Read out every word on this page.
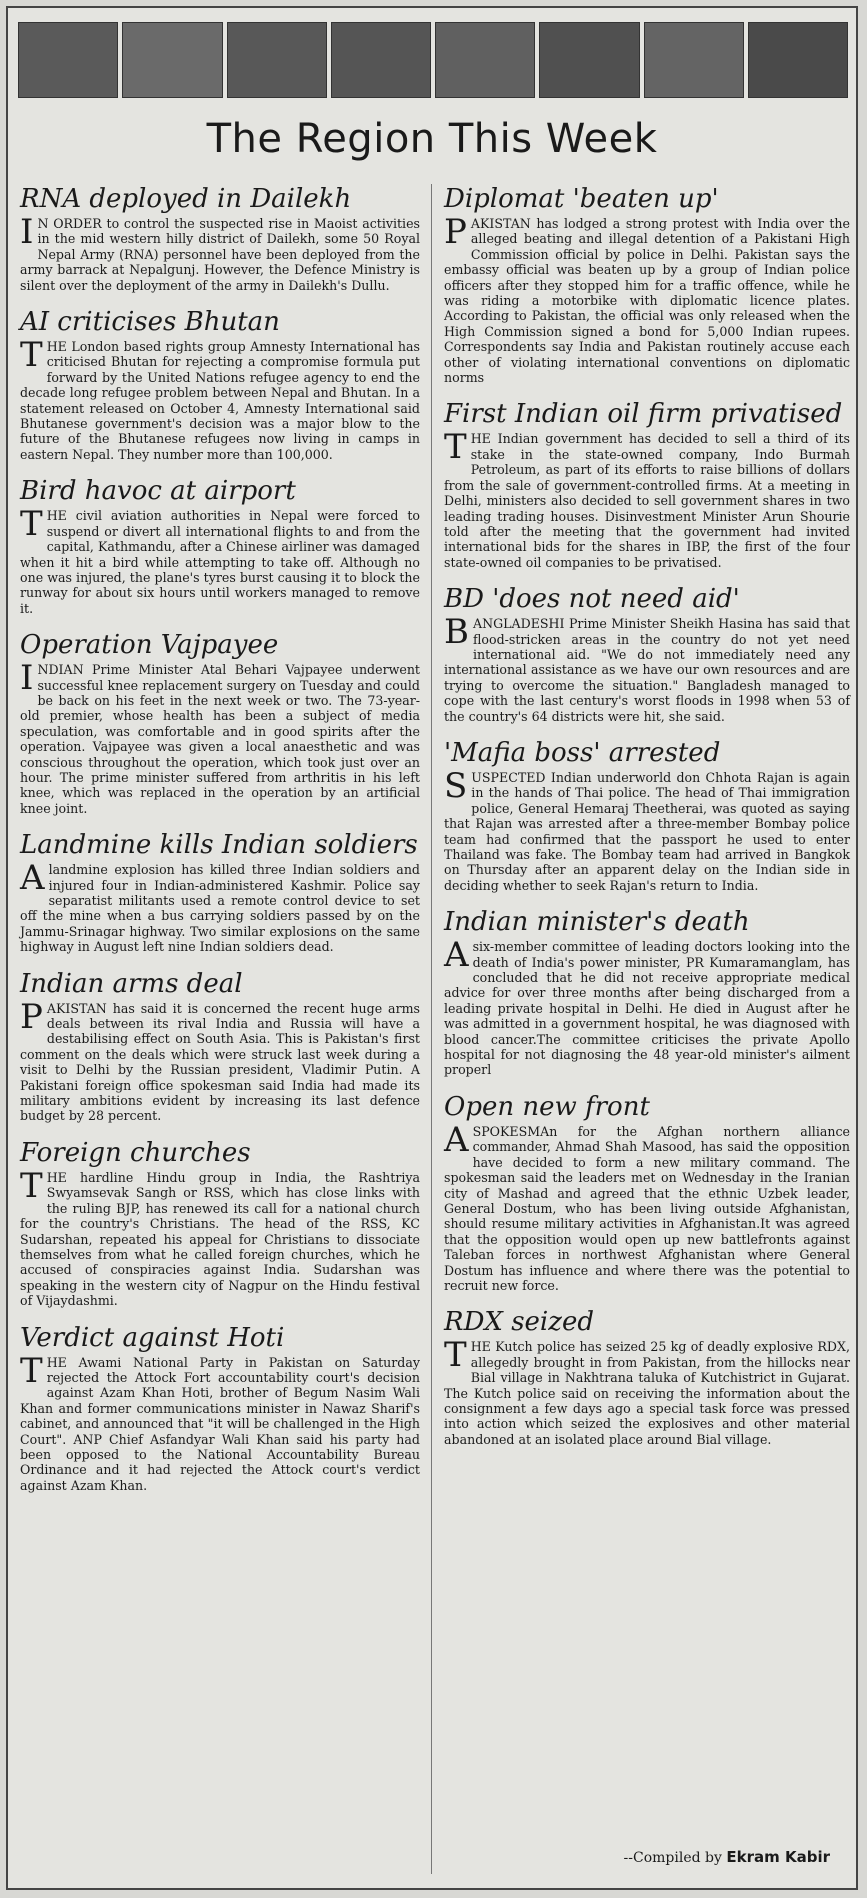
The Region This Week
RNA deployed in Dailekh

I N ORDER to control the suspected rise in Maoist activities in the mid western hilly district of Dailekh, some 50 Royal Nepal Army (RNA) personnel have been deployed from the army barrack at Nepalgunj. However, the Defence Ministry is silent over the deployment of the army in Dailekh's Dullu.

AI criticises Bhutan

THE London based rights group Amnesty International has criticised Bhutan for rejecting a compromise formula put forward by the United Nations refugee agency to end the decade long refugee problem between Nepal and Bhutan. In a statement released on October 4, Amnesty International said Bhutanese government's decision was a major blow to the future of the Bhutanese refugees now living in camps in eastern Nepal. They number more than 100,000.

Bird havoc at airport

THE civil aviation authorities in Nepal were forced to suspend or divert all international flights to and from the capital, Kathmandu, after a Chinese airliner was damaged when it hit a bird while attempting to take off. Although no one was injured, the plane's tyres burst causing it to block the runway for about six hours until workers managed to remove it.

Operation Vajpayee

INDIAN Prime Minister Atal Behari Vajpayee underwent successful knee replacement surgery on Tuesday and could be back on his feet in the next week or two. The 73-year-old premier, whose health has been a subject of media speculation, was comfortable and in good spirits after the operation. Vajpayee was given a local anaesthetic and was conscious throughout the operation, which took just over an hour. The prime minister suffered from arthritis in his left knee, which was replaced in the operation by an artificial knee joint.

Landmine kills Indian soldiers

A landmine explosion has killed three Indian soldiers and injured four in Indian-administered Kashmir. Police say separatist militants used a remote control device to set off the mine when a bus carrying soldiers passed by on the Jammu-Srinagar highway. Two similar explosions on the same highway in August left nine Indian soldiers dead.

Indian arms deal

PAKISTAN has said it is concerned the recent huge arms deals between its rival India and Russia will have a destabilising effect on South Asia. This is Pakistan's first comment on the deals which were struck last week during a visit to Delhi by the Russian president, Vladimir Putin. A Pakistani foreign office spokesman said India had made its military ambitions evident by increasing its last defence budget by 28 percent.

Foreign churches

THE hardline Hindu group in India, the Rashtriya Swyamsevak Sangh or RSS, which has close links with the ruling BJP, has renewed its call for a national church for the country's Christians. The head of the RSS, KC Sudarshan, repeated his appeal for Christians to dissociate themselves from what he called foreign churches, which he accused of conspiracies against India. Sudarshan was speaking in the western city of Nagpur on the Hindu festival of Vijaydashmi.

Verdict against Hoti

THE Awami National Party in Pakistan on Saturday rejected the Attock Fort accountability court's decision against Azam Khan Hoti, brother of Begum Nasim Wali Khan and former communications minister in Nawaz Sharif's cabinet, and announced that "it will be challenged in the High Court". ANP Chief Asfandyar Wali Khan said his party had been opposed to the National Accountability Bureau Ordinance and it had rejected the Attock court's verdict against Azam Khan.

Diplomat 'beaten up'

PAKISTAN has lodged a strong protest with India over the alleged beating and illegal detention of a Pakistani High Commission official by police in Delhi. Pakistan says the embassy official was beaten up by a group of Indian police officers after they stopped him for a traffic offence, while he was riding a motorbike with diplomatic licence plates. According to Pakistan, the official was only released when the High Commission signed a bond for 5,000 Indian rupees. Correspondents say India and Pakistan routinely accuse each other of violating international conventions on diplomatic norms

First Indian oil firm privatised

THE Indian government has decided to sell a third of its stake in the state-owned company, Indo Burmah Petroleum, as part of its efforts to raise billions of dollars from the sale of government-controlled firms. At a meeting in Delhi, ministers also decided to sell government shares in two leading trading houses. Disinvestment Minister Arun Shourie told after the meeting that the government had invited international bids for the shares in IBP, the first of the four state-owned oil companies to be privatised.

BD 'does not need aid'

BANGLADESHI Prime Minister Sheikh Hasina has said that flood-stricken areas in the country do not yet need international aid. "We do not immediately need any international assistance as we have our own resources and are trying to overcome the situation." Bangladesh managed to cope with the last century's worst floods in 1998 when 53 of the country's 64 districts were hit, she said.

'Mafia boss' arrested

SUSPECTED Indian underworld don Chhota Rajan is again in the hands of Thai police. The head of Thai immigration police, General Hemaraj Theetherai, was quoted as saying that Rajan was arrested after a three-member Bombay police team had confirmed that the passport he used to enter Thailand was fake. The Bombay team had arrived in Bangkok on Thursday after an apparent delay on the Indian side in deciding whether to seek Rajan's return to India.

Indian minister's death

A six-member committee of leading doctors looking into the death of India's power minister, PR Kumaramanglam, has concluded that he did not receive appropriate medical advice for over three months after being discharged from a leading private hospital in Delhi. He died in August after he was admitted in a government hospital, he was diagnosed with blood cancer.The committee criticises the private Apollo hospital for not diagnosing the 48 year-old minister's ailment properl

Open new front

A SPOKESMAn for the Afghan northern alliance commander, Ahmad Shah Masood, has said the opposition have decided to form a new military command. The spokesman said the leaders met on Wednesday in the Iranian city of Mashad and agreed that the ethnic Uzbek leader, General Dostum, who has been living outside Afghanistan, should resume military activities in Afghanistan.It was agreed that the opposition would open up new battlefronts against Taleban forces in northwest Afghanistan where General Dostum has influence and where there was the potential to recruit new force.

RDX seized

THE Kutch police has seized 25 kg of deadly explosive RDX, allegedly brought in from Pakistan, from the hillocks near Bial village in Nakhtrana taluka of Kutchistrict in Gujarat. The Kutch police said on receiving the information about the consignment a few days ago a special task force was pressed into action which seized the explosives and other material abandoned at an isolated place around Bial village.

--Compiled by Ekram Kabir
